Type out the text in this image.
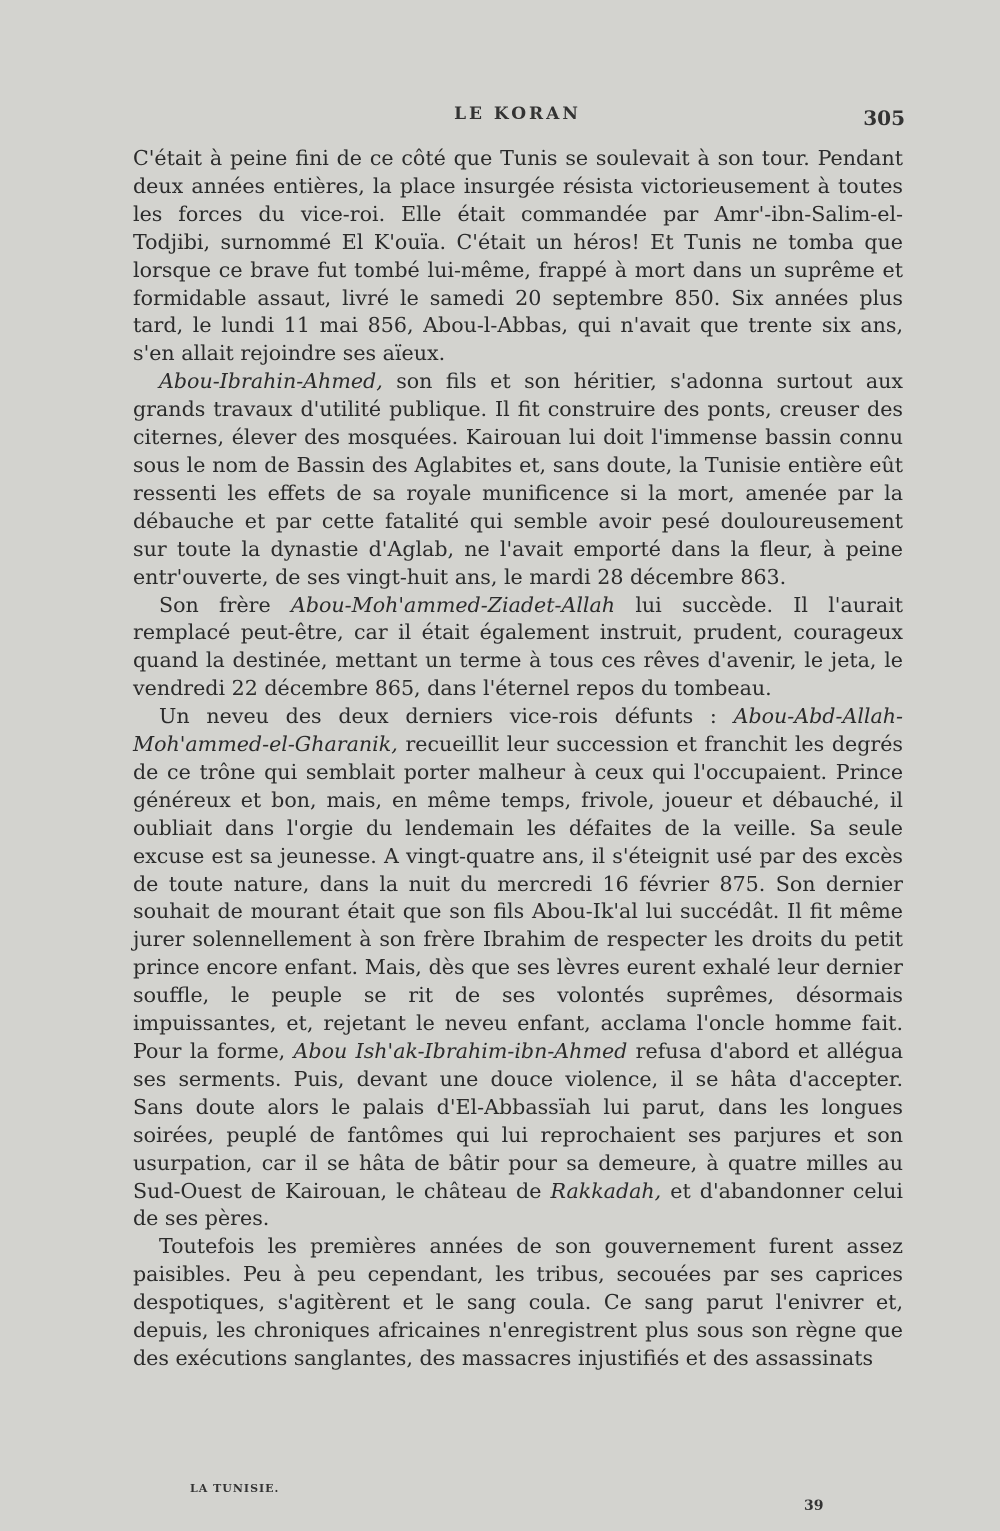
LE KORAN	305

C'était à peine fini de ce côté que Tunis se soulevait à son tour. Pendant deux années entières, la place insurgée résista victorieusement à toutes les forces du vice-roi. Elle était commandée par Amr'-ibn-Salim-el-Todjibi, surnommé El K'ouïa. C'était un héros! Et Tunis ne tomba que lorsque ce brave fut tombé lui-même, frappé à mort dans un suprême et formidable assaut, livré le samedi 20 septembre 850. Six années plus tard, le lundi 11 mai 856, Abou-l-Abbas, qui n'avait que trente six ans, s'en allait rejoindre ses aïeux.

Abou-Ibrahin-Ahmed, son fils et son héritier, s'adonna surtout aux grands travaux d'utilité publique. Il fit construire des ponts, creuser des citernes, élever des mosquées. Kairouan lui doit l'immense bassin connu sous le nom de Bassin des Aglabites et, sans doute, la Tunisie entière eût ressenti les effets de sa royale munificence si la mort, amenée par la débauche et par cette fatalité qui semble avoir pesé douloureusement sur toute la dynastie d'Aglab, ne l'avait emporté dans la fleur, à peine entr'ouverte, de ses vingt-huit ans, le mardi 28 décembre 863.

Son frère Abou-Moh'ammed-Ziadet-Allah lui succède. Il l'aurait remplacé peut-être, car il était également instruit, prudent, courageux quand la destinée, mettant un terme à tous ces rêves d'avenir, le jeta, le vendredi 22 décembre 865, dans l'éternel repos du tombeau.

Un neveu des deux derniers vice-rois défunts : Abou-Abd-Allah-Moh'ammed-el-Gharanik, recueillit leur succession et franchit les degrés de ce trône qui semblait porter malheur à ceux qui l'occupaient. Prince généreux et bon, mais, en même temps, frivole, joueur et débauché, il oubliait dans l'orgie du lendemain les défaites de la veille. Sa seule excuse est sa jeunesse. A vingt-quatre ans, il s'éteignit usé par des excès de toute nature, dans la nuit du mercredi 16 février 875. Son dernier souhait de mourant était que son fils Abou-Ik'al lui succédât. Il fit même jurer solennellement à son frère Ibrahim de respecter les droits du petit prince encore enfant. Mais, dès que ses lèvres eurent exhalé leur dernier souffle, le peuple se rit de ses volontés suprêmes, désormais impuissantes, et, rejetant le neveu enfant, acclama l'oncle homme fait. Pour la forme, Abou Ish'ak-Ibrahim-ibn-Ahmed refusa d'abord et allégua ses serments. Puis, devant une douce violence, il se hâta d'accepter. Sans doute alors le palais d'El-Abbassïah lui parut, dans les longues soirées, peuplé de fantômes qui lui reprochaient ses parjures et son usurpation, car il se hâta de bâtir pour sa demeure, à quatre milles au Sud-Ouest de Kairouan, le château de Rakkadah, et d'abandonner celui de ses pères.

Toutefois les premières années de son gouvernement furent assez paisibles. Peu à peu cependant, les tribus, secouées par ses caprices despotiques, s'agitèrent et le sang coula. Ce sang parut l'enivrer et, depuis, les chroniques africaines n'enregistrent plus sous son règne que des exécutions sanglantes, des massacres injustifiés et des assassinats

LA TUNISIE.
39
